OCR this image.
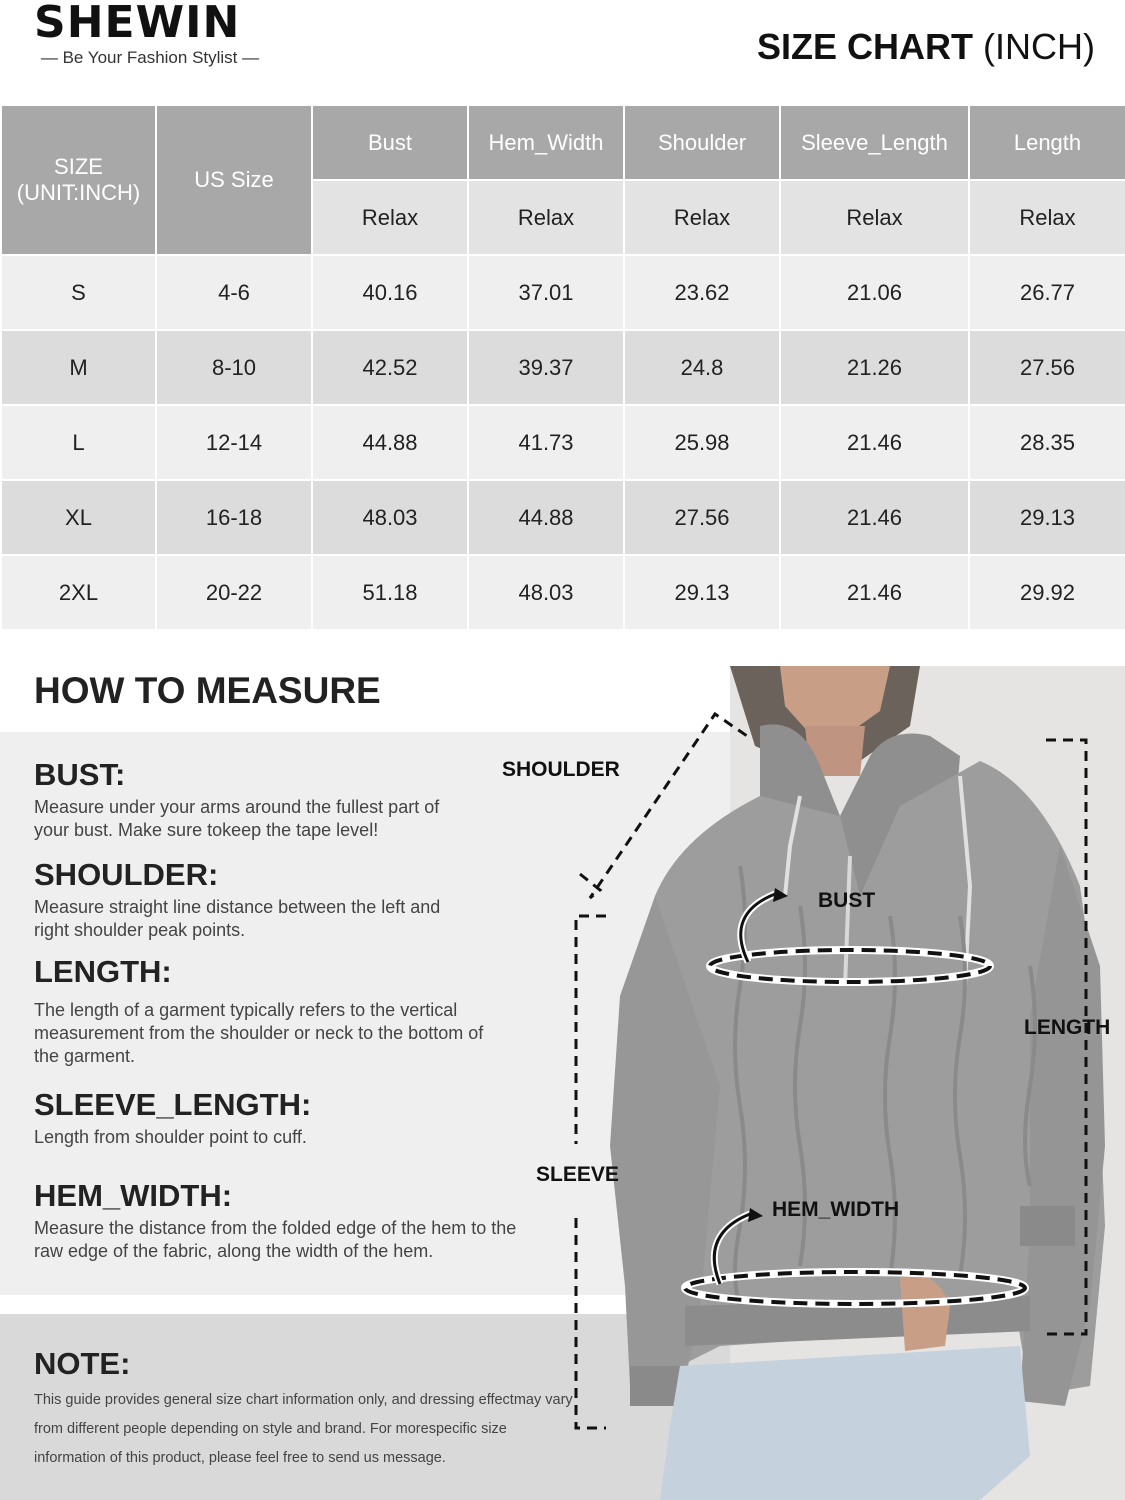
SHEWIN
— Be Your Fashion Stylist —	SIZE CHART (INCH)
SIZE (UNIT:INCH)	US Size	Bust	Hem_Width	Shoulder	Sleeve_Length	Length
		Relax	Relax	Relax	Relax	Relax
S	4-6	40.16	37.01	23.62	21.06	26.77
M	8-10	42.52	39.37	24.8	21.26	27.56
L	12-14	44.88	41.73	25.98	21.46	28.35
XL	16-18	48.03	44.88	27.56	21.46	29.13
2XL	20-22	51.18	48.03	29.13	21.46	29.92
HOW TO MEASURE
BUST:
Measure under your arms around the fullest part of your bust. Make sure tokeep the tape level!
SHOULDER:
Measure straight line distance between the left and right shoulder peak points.
LENGTH:
The length of a garment typically refers to the vertical measurement from the shoulder or neck to the bottom of the garment.
SLEEVE_LENGTH:
Length from shoulder point to cuff.
HEM_WIDTH:
Measure the distance from the folded edge of the hem to the raw edge of the fabric, along the width of the hem.
NOTE:
This guide provides general size chart information only, and dressing effectmay vary from different people depending on style and brand. For morespecific size information of this product, please feel free to send us message.
SHOULDER
BUST
LENGTH
SLEEVE
HEM_WIDTH
